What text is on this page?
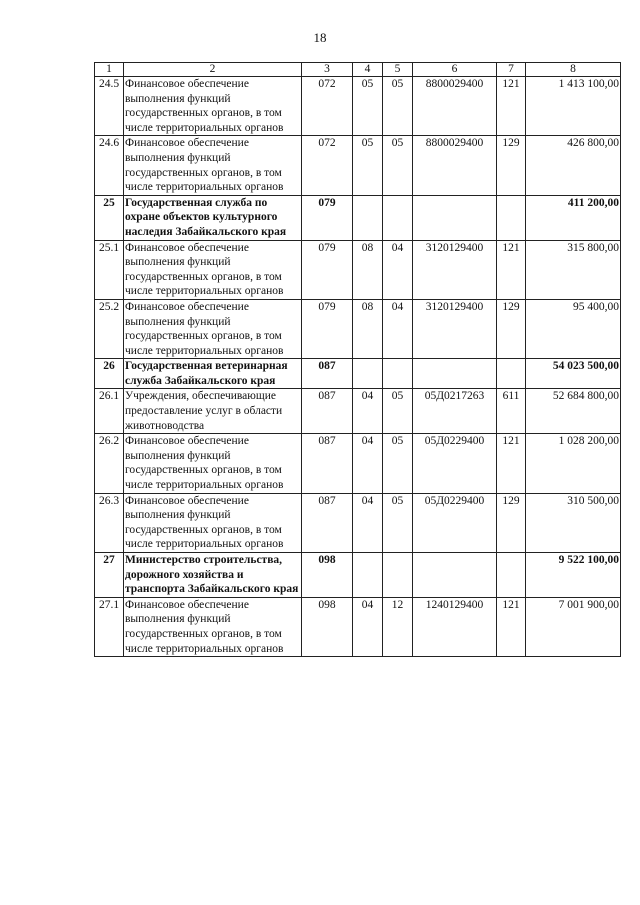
18
1	2	3	4	5	6	7	8
24.5	Финансовое обеспечение выполнения функций государственных органов, в том числе территориальных органов	072	05	05	8800029400	121	1 413 100,00
24.6	Финансовое обеспечение выполнения функций государственных органов, в том числе территориальных органов	072	05	05	8800029400	129	426 800,00
25	Государственная служба по охране объектов культурного наследия Забайкальского края	079					411 200,00
25.1	Финансовое обеспечение выполнения функций государственных органов, в том числе территориальных органов	079	08	04	3120129400	121	315 800,00
25.2	Финансовое обеспечение выполнения функций государственных органов, в том числе территориальных органов	079	08	04	3120129400	129	95 400,00
26	Государственная ветеринарная служба Забайкальского края	087					54 023 500,00
26.1	Учреждения, обеспечивающие предоставление услуг в области животноводства	087	04	05	05Д0217263	611	52 684 800,00
26.2	Финансовое обеспечение выполнения функций государственных органов, в том числе территориальных органов	087	04	05	05Д0229400	121	1 028 200,00
26.3	Финансовое обеспечение выполнения функций государственных органов, в том числе территориальных органов	087	04	05	05Д0229400	129	310 500,00
27	Министерство строительства, дорожного хозяйства и транспорта Забайкальского края	098					9 522 100,00
27.1	Финансовое обеспечение выполнения функций государственных органов, в том числе территориальных органов	098	04	12	1240129400	121	7 001 900,00
